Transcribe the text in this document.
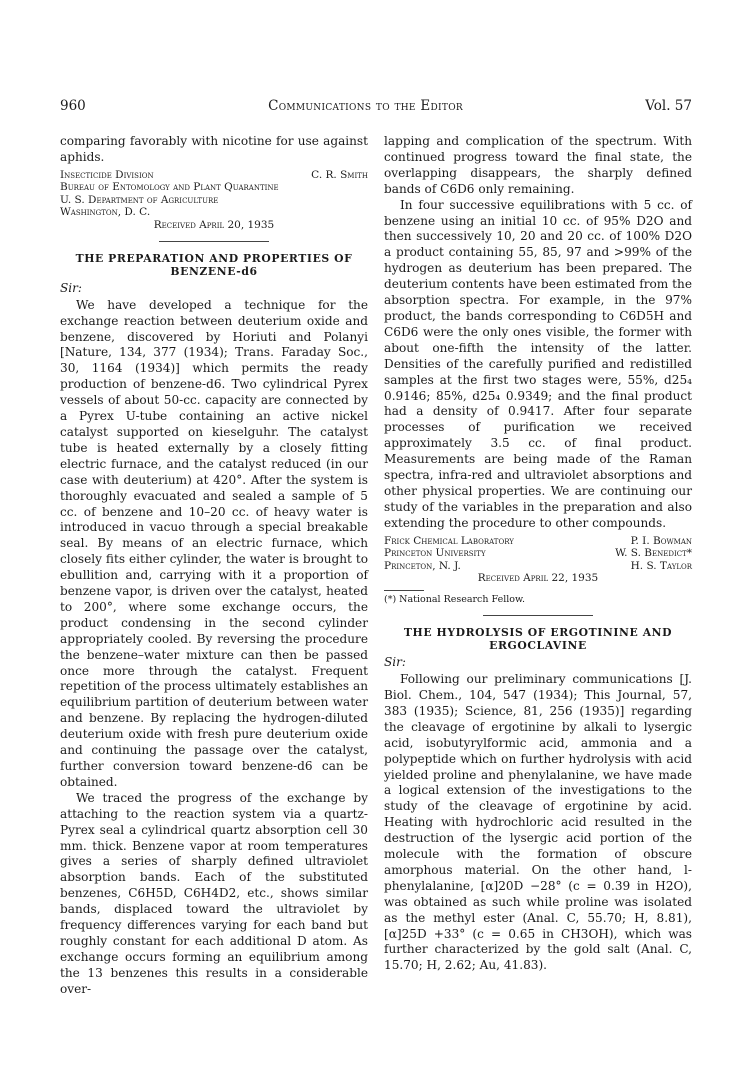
960	Communications to the Editor	Vol. 57

comparing favorably with nicotine for use against aphids.

Insecticide Division	C. R. Smith
Bureau of Entomology and Plant Quarantine
U. S. Department of Agriculture
Washington, D. C.
Received April 20, 1935
THE PREPARATION AND PROPERTIES OF BENZENE-d6
Sir:

We have developed a technique for the exchange reaction between deuterium oxide and benzene, discovered by Horiuti and Polanyi [Nature, 134, 377 (1934); Trans. Faraday Soc., 30, 1164 (1934)] which permits the ready production of benzene-d6. Two cylindrical Pyrex vessels of about 50-cc. capacity are connected by a Pyrex U-tube containing an active nickel catalyst supported on kieselguhr. The catalyst tube is heated externally by a closely fitting electric furnace, and the catalyst reduced (in our case with deuterium) at 420°. After the system is thoroughly evacuated and sealed a sample of 5 cc. of benzene and 10–20 cc. of heavy water is introduced in vacuo through a special breakable seal. By means of an electric furnace, which closely fits either cylinder, the water is brought to ebullition and, carrying with it a proportion of benzene vapor, is driven over the catalyst, heated to 200°, where some exchange occurs, the product condensing in the second cylinder appropriately cooled. By reversing the procedure the benzene–water mixture can then be passed once more through the catalyst. Frequent repetition of the process ultimately establishes an equilibrium partition of deuterium between water and benzene. By replacing the hydrogen-diluted deuterium oxide with fresh pure deuterium oxide and continuing the passage over the catalyst, further conversion toward benzene-d6 can be obtained.

We traced the progress of the exchange by attaching to the reaction system via a quartz-Pyrex seal a cylindrical quartz absorption cell 30 mm. thick. Benzene vapor at room temperatures gives a series of sharply defined ultraviolet absorption bands. Each of the substituted benzenes, C6H5D, C6H4D2, etc., shows similar bands, displaced toward the ultraviolet by frequency differences varying for each band but roughly constant for each additional D atom. As exchange occurs forming an equilibrium among the 13 benzenes this results in a considerable over-

lapping and complication of the spectrum. With continued progress toward the final state, the overlapping disappears, the sharply defined bands of C6D6 only remaining.

In four successive equilibrations with 5 cc. of benzene using an initial 10 cc. of 95% D2O and then successively 10, 20 and 20 cc. of 100% D2O a product containing 55, 85, 97 and >99% of the hydrogen as deuterium has been prepared. The deuterium contents have been estimated from the absorption spectra. For example, in the 97% product, the bands corresponding to C6D5H and C6D6 were the only ones visible, the former with about one-fifth the intensity of the latter. Densities of the carefully purified and redistilled samples at the first two stages were, 55%, d25₄ 0.9146; 85%, d25₄ 0.9349; and the final product had a density of 0.9417. After four separate processes of purification we received approximately 3.5 cc. of final product. Measurements are being made of the Raman spectra, infra-red and ultraviolet absorptions and other physical properties. We are continuing our study of the variables in the preparation and also extending the procedure to other compounds.

Frick Chemical Laboratory	P. I. Bowman
Princeton University	W. S. Benedict*
Princeton, N. J.	H. S. Taylor
Received April 22, 1935
(*) National Research Fellow.
THE HYDROLYSIS OF ERGOTININE AND ERGOCLAVINE
Sir:

Following our preliminary communications [J. Biol. Chem., 104, 547 (1934); This Journal, 57, 383 (1935); Science, 81, 256 (1935)] regarding the cleavage of ergotinine by alkali to lysergic acid, isobutyrylformic acid, ammonia and a polypeptide which on further hydrolysis with acid yielded proline and phenylalanine, we have made a logical extension of the investigations to the study of the cleavage of ergotinine by acid. Heating with hydrochloric acid resulted in the destruction of the lysergic acid portion of the molecule with the formation of obscure amorphous material. On the other hand, l-phenylalanine, [α]20D −28° (c = 0.39 in H2O), was obtained as such while proline was isolated as the methyl ester (Anal. C, 55.70; H, 8.81), [α]25D +33° (c = 0.65 in CH3OH), which was further characterized by the gold salt (Anal. C, 15.70; H, 2.62; Au, 41.83).
